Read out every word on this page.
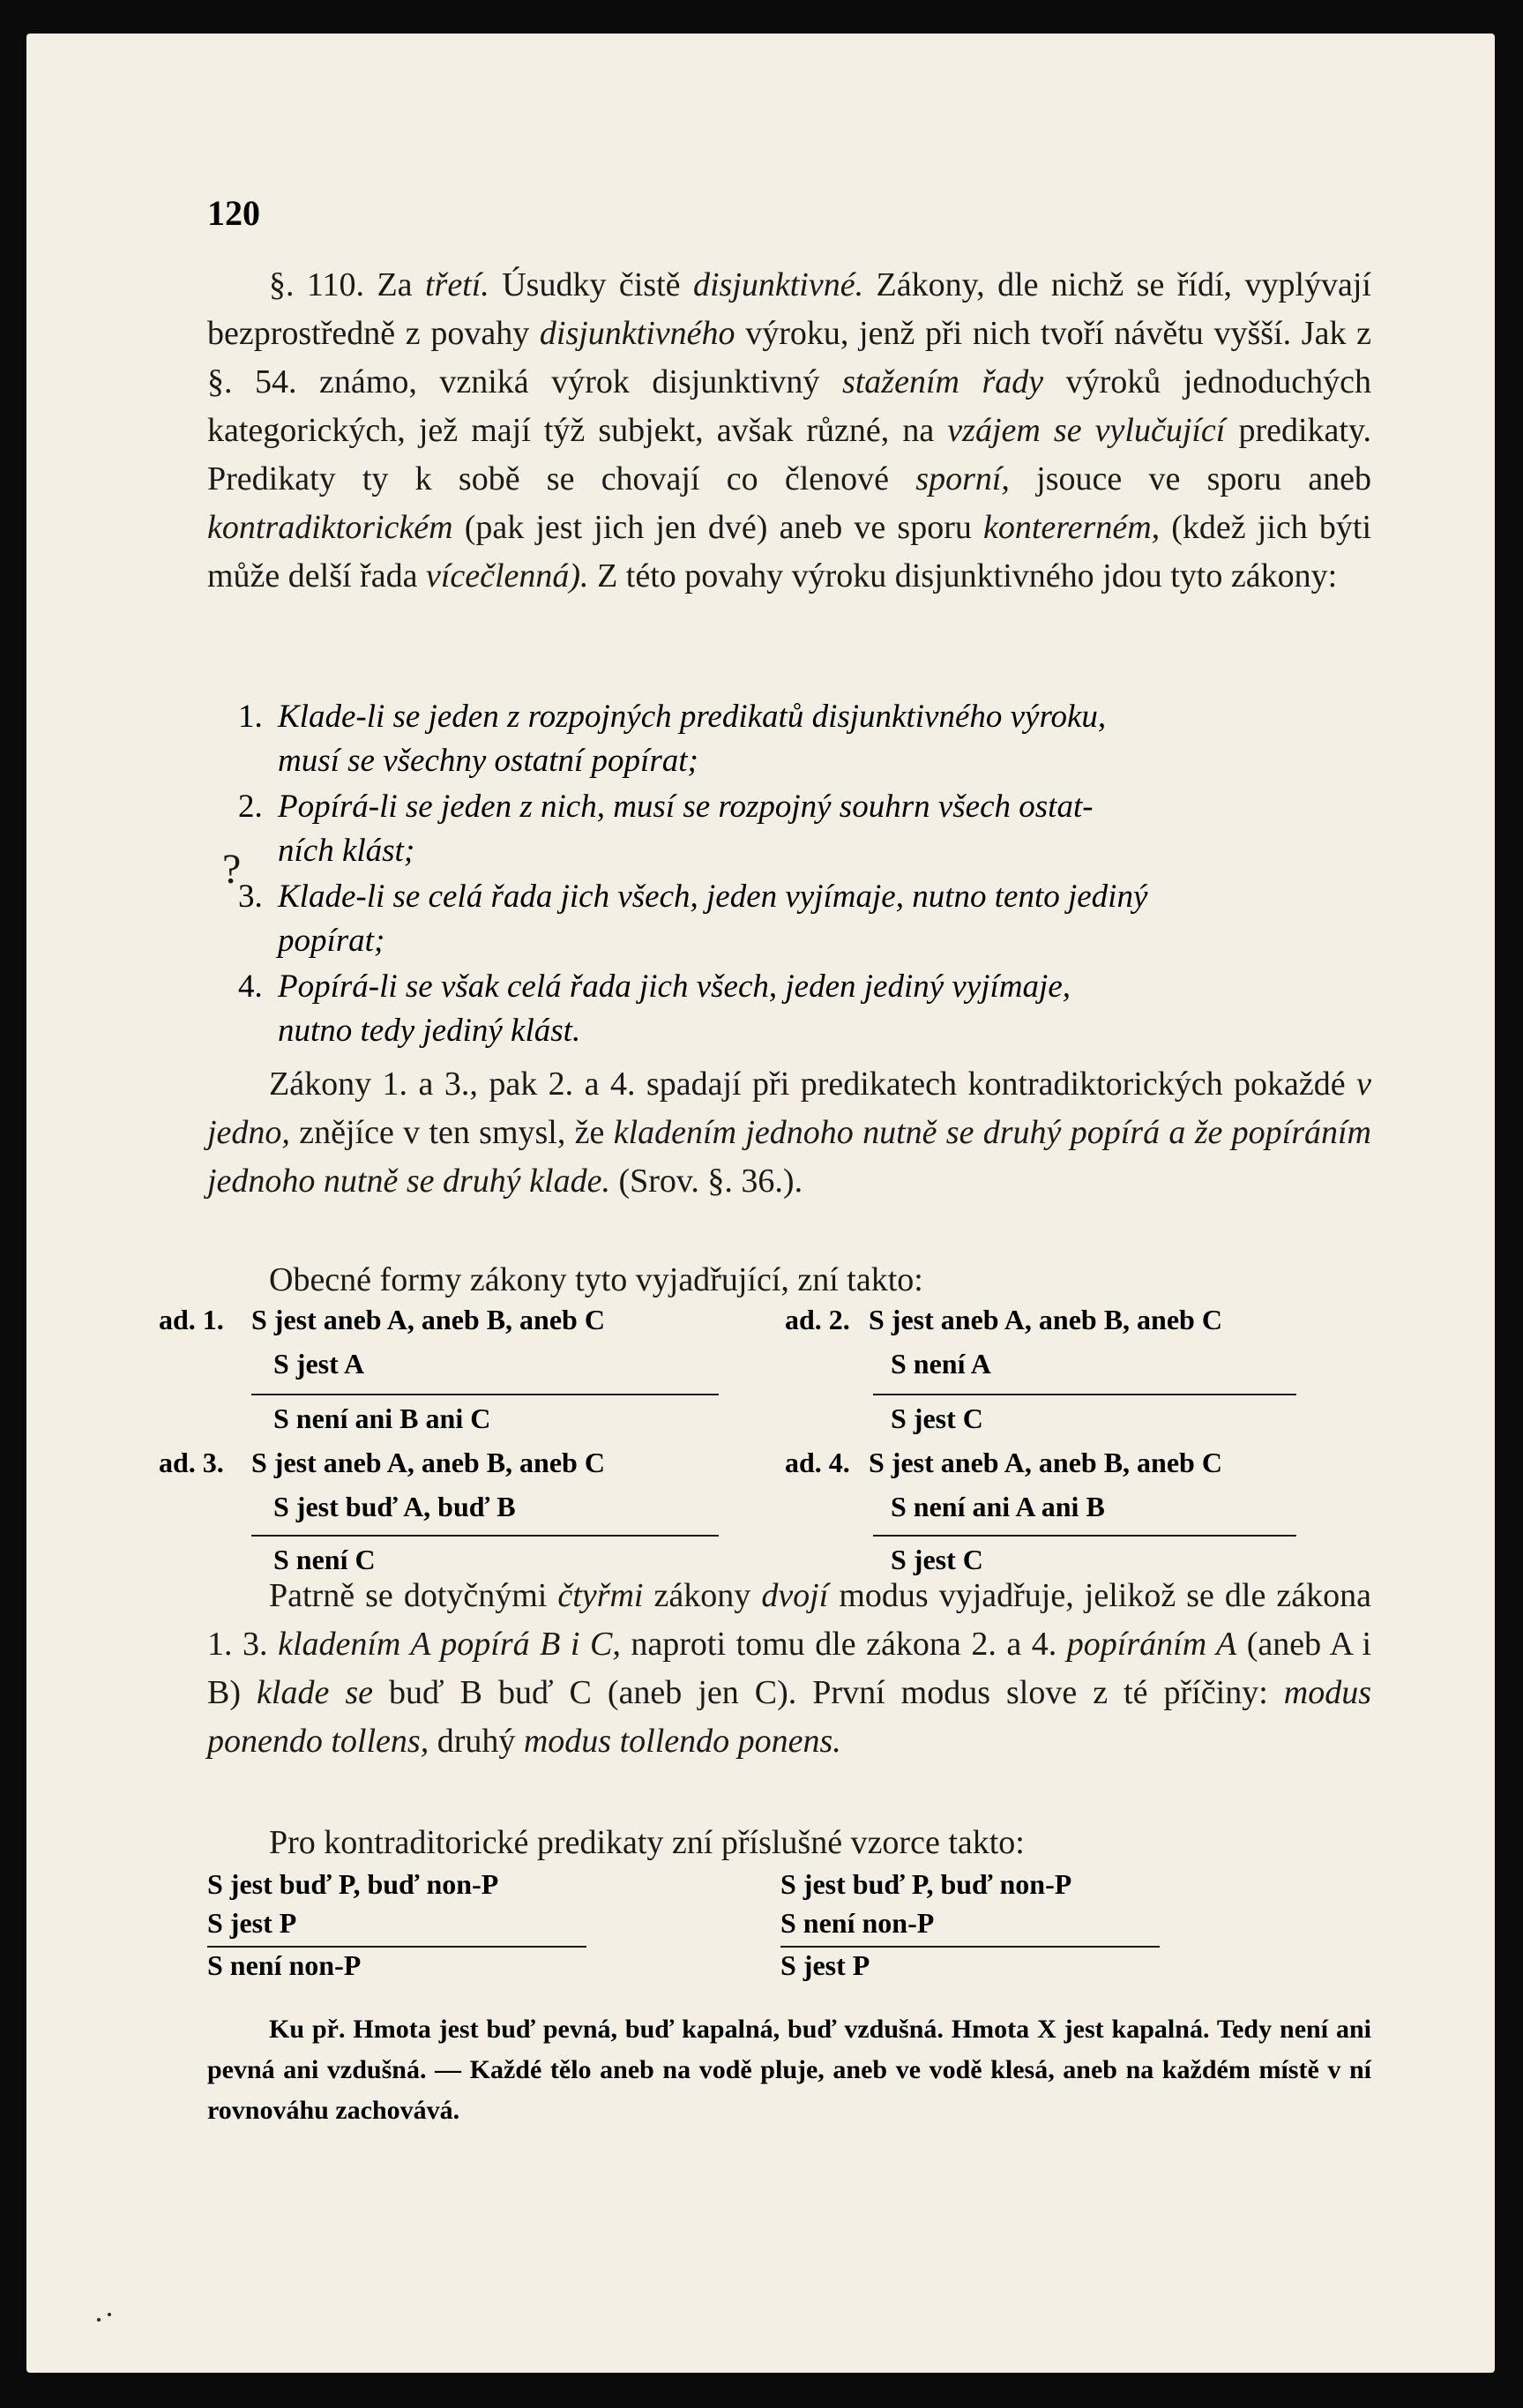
120

§. 110. Za třetí. Úsudky čistě disjunktivné. Zákony, dle nichž se řídí, vyplývají bezprostředně z povahy disjunktivného výroku, jenž při nich tvoří návětu vyšší. Jak z §. 54. známo, vzniká výrok disjunktivný stažením řady výroků jednoduchých kategorických, jež mají týž subjekt, avšak různé, na vzájem se vylučující predikaty. Predikaty ty k sobě se chovají co členové sporní, jsouce ve sporu aneb kontradiktorickém (pak jest jich jen dvé) aneb ve sporu kontererném, (kdež jich býti může delší řada vícečlenná). Z této povahy výroku disjunktivného jdou tyto zákony:

1. Klade-li se jeden z rozpojných predikatů disjunktivného výroku,
musí se všechny ostatní popírat;
2. Popírá-li se jeden z nich, musí se rozpojný souhrn všech ostat-
ních klást;
?
3. Klade-li se celá řada jich všech, jeden vyjímaje, nutno tento jediný
popírat;
4. Popírá-li se však celá řada jich všech, jeden jediný vyjímaje,
nutno tedy jediný klást.

Zákony 1. a 3., pak 2. a 4. spadají při predikatech kontradiktorických pokaždé v jedno, znějíce v ten smysl, že kladením jednoho nutně se druhý popírá a že popíráním jednoho nutně se druhý klade. (Srov. §. 36.).

Obecné formy zákony tyto vyjadřující, zní takto:

ad. 1. S jest aneb A, aneb B, aneb C
S jest A
S není ani B ani C
ad. 2. S jest aneb A, aneb B, aneb C
S není A
S jest C
ad. 3. S jest aneb A, aneb B, aneb C
S jest buď A, buď B
S není C
ad. 4. S jest aneb A, aneb B, aneb C
S není ani A ani B
S jest C

Patrně se dotyčnými čtyřmi zákony dvojí modus vyjadřuje, jelikož se dle zákona 1. 3. kladením A popírá B i C, naproti tomu dle zákona 2. a 4. popíráním A (aneb A i B) klade se buď B buď C (aneb jen C). První modus slove z té příčiny: modus ponendo tollens, druhý modus tollendo ponens.

Pro kontraditorické predikaty zní příslušné vzorce takto:

S jest buď P, buď non-P
S jest P
S není non-P
S jest buď P, buď non-P
S není non-P
S jest P

Ku př. Hmota jest buď pevná, buď kapalná, buď vzdušná. Hmota X jest kapalná. Tedy není ani pevná ani vzdušná. — Každé tělo aneb na vodě pluje, aneb ve vodě klesá, aneb na každém místě v ní rovnováhu zachovává.
